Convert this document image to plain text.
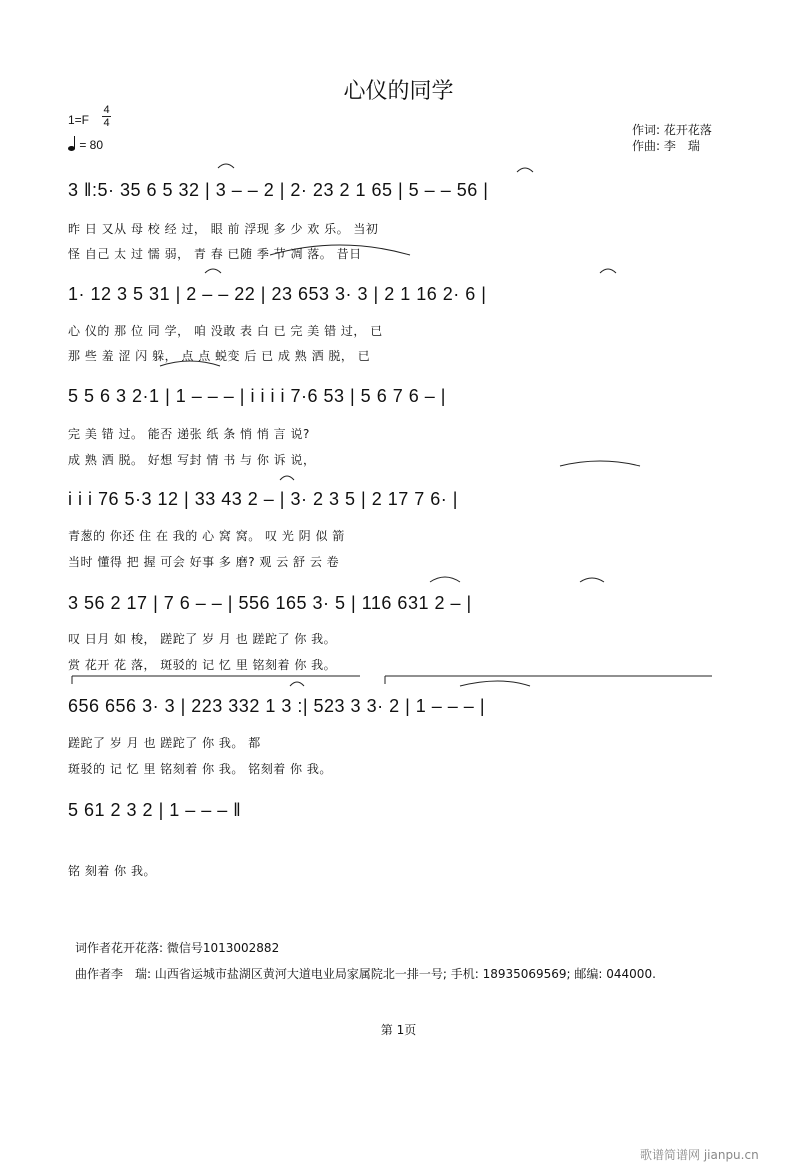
心仪的同学
1=F
4
4
= 80
作词: 花开花落
作曲: 李　瑞
3 ‖:5· 35 6 5 32 | 3 – – 2 | 2· 23 2 1 65 | 5 – – 56 |
昨 日 又从 母 校 经 过， 眼 前 浮现 多 少 欢 乐。 当初
怪 自己 太 过 懦 弱， 青 春 已随 季 节 凋 落。 昔日
1· 12 3 5 31 | 2 – – 22 | 23 653 3· 3 | 2 1 16 2· 6 |
心 仪的 那 位 同 学， 咱 没敢 表 白 已 完 美 错 过， 已
那 些 羞 涩 闪 躲， 点 点 蜕变 后 已 成 熟 洒 脱， 已
5 5 6 3 2·1 | 1 – – – | i i i i 7·6 53 | 5 6 7 6 – |
完 美 错 过。 能否 递张 纸 条 悄 悄 言 说?
成 熟 洒 脱。 好想 写封 情 书 与 你 诉 说，
i i i 76 5·3 12 | 33 43 2 – | 3· 2 3 5 | 2 17 7 6· |
青葱的 你还 住 在 我的 心 窝 窝。 叹 光 阴 似 箭
当时 懂得 把 握 可会 好事 多 磨? 观 云 舒 云 卷
3 56 2 17 | 7 6 – – | 556 165 3· 5 | 116 631 2 – |
叹 日月 如 梭， 蹉跎了 岁 月 也 蹉跎了 你 我。
赏 花开 花 落， 斑驳的 记 忆 里 铭刻着 你 我。
656 656 3· 3 | 223 332 1 3 :| 523 3 3· 2 | 1 – – – |
蹉跎了 岁 月 也 蹉跎了 你 我。 都
斑驳的 记 忆 里 铭刻着 你 我。 铭刻着 你 我。
5 61 2 3 2 | 1 – – – ‖
铭 刻着 你 我。
词作者花开花落: 微信号1013002882
曲作者李　瑞: 山西省运城市盐湖区黄河大道电业局家属院北一排一号; 手机: 18935069569; 邮编: 044000.
第 1页
歌谱简谱网 jianpu.cn
